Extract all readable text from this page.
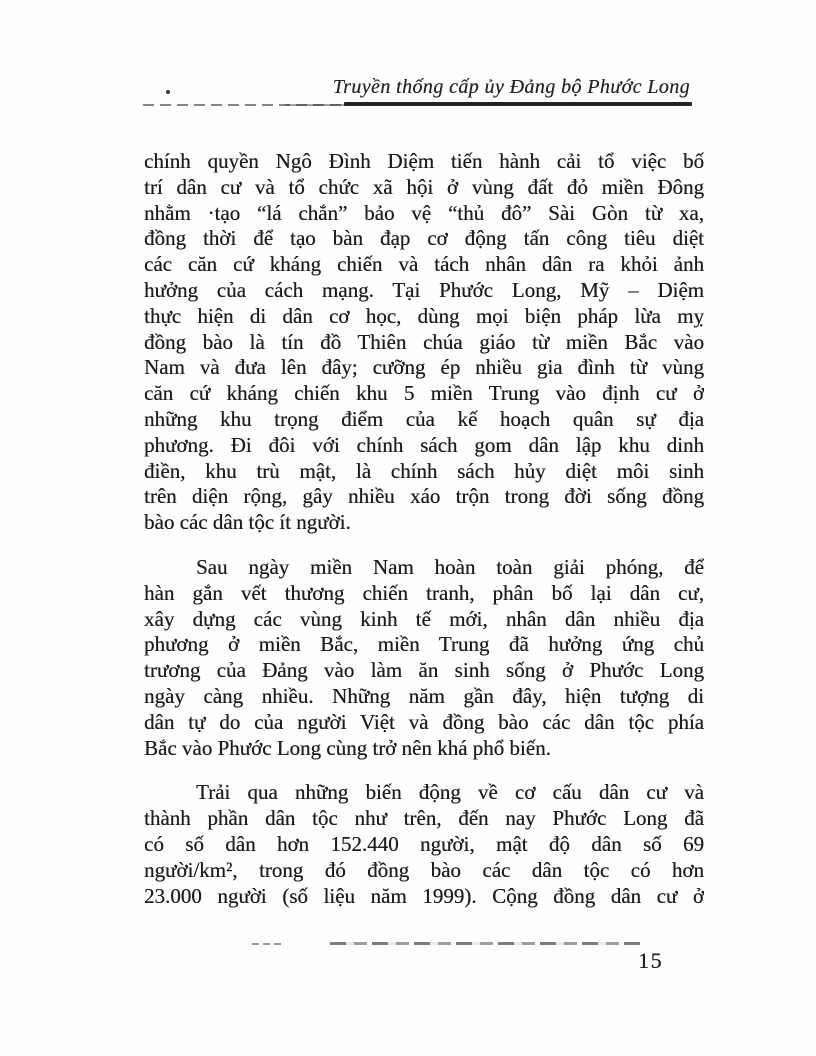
Truyền thống cấp ủy Đảng bộ Phước Long
chính quyền Ngô Đình Diệm tiến hành cải tổ việc bố
trí dân cư và tổ chức xã hội ở vùng đất đỏ miền Đông
nhằm ·tạo “lá chắn” bảo vệ “thủ đô” Sài Gòn từ xa,
đồng thời để tạo bàn đạp cơ động tấn công tiêu diệt
các căn cứ kháng chiến và tách nhân dân ra khỏi ảnh
hưởng của cách mạng. Tại Phước Long, Mỹ – Diệm
thực hiện di dân cơ học, dùng mọi biện pháp lừa mỵ
đồng bào là tín đồ Thiên chúa giáo từ miền Bắc vào
Nam và đưa lên đây; cưỡng ép nhiều gia đình từ vùng
căn cứ kháng chiến khu 5 miền Trung vào định cư ở
những khu trọng điểm của kế hoạch quân sự địa
phương. Đi đôi với chính sách gom dân lập khu dinh
điền, khu trù mật, là chính sách hủy diệt môi sinh
trên diện rộng, gây nhiều xáo trộn trong đời sống đồng
bào các dân tộc ít người.
Sau ngày miền Nam hoàn toàn giải phóng, để
hàn gắn vết thương chiến tranh, phân bố lại dân cư,
xây dựng các vùng kinh tế mới, nhân dân nhiều địa
phương ở miền Bắc, miền Trung đã hưởng ứng chủ
trương của Đảng vào làm ăn sinh sống ở Phước Long
ngày càng nhiều. Những năm gần đây, hiện tượng di
dân tự do của người Việt và đồng bào các dân tộc phía
Bắc vào Phước Long cùng trở nên khá phổ biến.
Trải qua những biến động về cơ cấu dân cư và
thành phần dân tộc như trên, đến nay Phước Long đã
có số dân hơn 152.440 người, mật độ dân số 69
người/km², trong đó đồng bào các dân tộc có hơn
23.000 người (số liệu năm 1999). Cộng đồng dân cư ở
15
